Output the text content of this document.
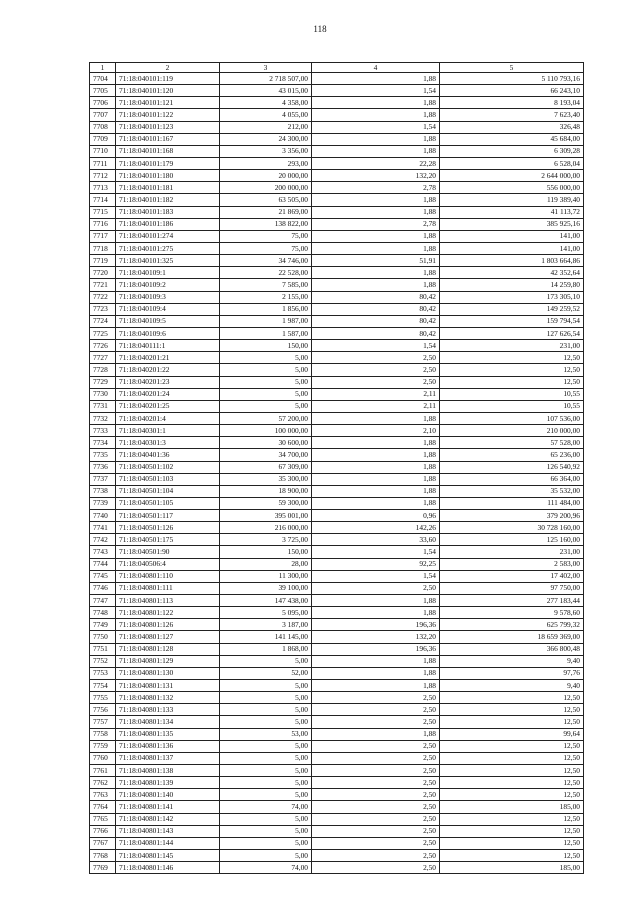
118
1	2	3	4	5
7704	71:18:040101:119	2 718 507,00	1,88	5 110 793,16
7705	71:18:040101:120	43 015,00	1,54	66 243,10
7706	71:18:040101:121	4 358,00	1,88	8 193,04
7707	71:18:040101:122	4 055,00	1,88	7 623,40
7708	71:18:040101:123	212,00	1,54	326,48
7709	71:18:040101:167	24 300,00	1,88	45 684,00
7710	71:18:040101:168	3 356,00	1,88	6 309,28
7711	71:18:040101:179	293,00	22,28	6 528,04
7712	71:18:040101:180	20 000,00	132,20	2 644 000,00
7713	71:18:040101:181	200 000,00	2,78	556 000,00
7714	71:18:040101:182	63 505,00	1,88	119 389,40
7715	71:18:040101:183	21 869,00	1,88	41 113,72
7716	71:18:040101:186	138 822,00	2,78	385 925,16
7717	71:18:040101:274	75,00	1,88	141,00
7718	71:18:040101:275	75,00	1,88	141,00
7719	71:18:040101:325	34 746,00	51,91	1 803 664,86
7720	71:18:040109:1	22 528,00	1,88	42 352,64
7721	71:18:040109:2	7 585,00	1,88	14 259,80
7722	71:18:040109:3	2 155,00	80,42	173 305,10
7723	71:18:040109:4	1 856,00	80,42	149 259,52
7724	71:18:040109:5	1 987,00	80,42	159 794,54
7725	71:18:040109:6	1 587,00	80,42	127 626,54
7726	71:18:040111:1	150,00	1,54	231,00
7727	71:18:040201:21	5,00	2,50	12,50
7728	71:18:040201:22	5,00	2,50	12,50
7729	71:18:040201:23	5,00	2,50	12,50
7730	71:18:040201:24	5,00	2,11	10,55
7731	71:18:040201:25	5,00	2,11	10,55
7732	71:18:040201:4	57 200,00	1,88	107 536,00
7733	71:18:040301:1	100 000,00	2,10	210 000,00
7734	71:18:040301:3	30 600,00	1,88	57 528,00
7735	71:18:040401:36	34 700,00	1,88	65 236,00
7736	71:18:040501:102	67 309,00	1,88	126 540,92
7737	71:18:040501:103	35 300,00	1,88	66 364,00
7738	71:18:040501:104	18 900,00	1,88	35 532,00
7739	71:18:040501:105	59 300,00	1,88	111 484,00
7740	71:18:040501:117	395 001,00	0,96	379 200,96
7741	71:18:040501:126	216 000,00	142,26	30 728 160,00
7742	71:18:040501:175	3 725,00	33,60	125 160,00
7743	71:18:040501:90	150,00	1,54	231,00
7744	71:18:040506:4	28,00	92,25	2 583,00
7745	71:18:040801:110	11 300,00	1,54	17 402,00
7746	71:18:040801:111	39 100,00	2,50	97 750,00
7747	71:18:040801:113	147 438,00	1,88	277 183,44
7748	71:18:040801:122	5 095,00	1,88	9 578,60
7749	71:18:040801:126	3 187,00	196,36	625 799,32
7750	71:18:040801:127	141 145,00	132,20	18 659 369,00
7751	71:18:040801:128	1 868,00	196,36	366 800,48
7752	71:18:040801:129	5,00	1,88	9,40
7753	71:18:040801:130	52,00	1,88	97,76
7754	71:18:040801:131	5,00	1,88	9,40
7755	71:18:040801:132	5,00	2,50	12,50
7756	71:18:040801:133	5,00	2,50	12,50
7757	71:18:040801:134	5,00	2,50	12,50
7758	71:18:040801:135	53,00	1,88	99,64
7759	71:18:040801:136	5,00	2,50	12,50
7760	71:18:040801:137	5,00	2,50	12,50
7761	71:18:040801:138	5,00	2,50	12,50
7762	71:18:040801:139	5,00	2,50	12,50
7763	71:18:040801:140	5,00	2,50	12,50
7764	71:18:040801:141	74,00	2,50	185,00
7765	71:18:040801:142	5,00	2,50	12,50
7766	71:18:040801:143	5,00	2,50	12,50
7767	71:18:040801:144	5,00	2,50	12,50
7768	71:18:040801:145	5,00	2,50	12,50
7769	71:18:040801:146	74,00	2,50	185,00
